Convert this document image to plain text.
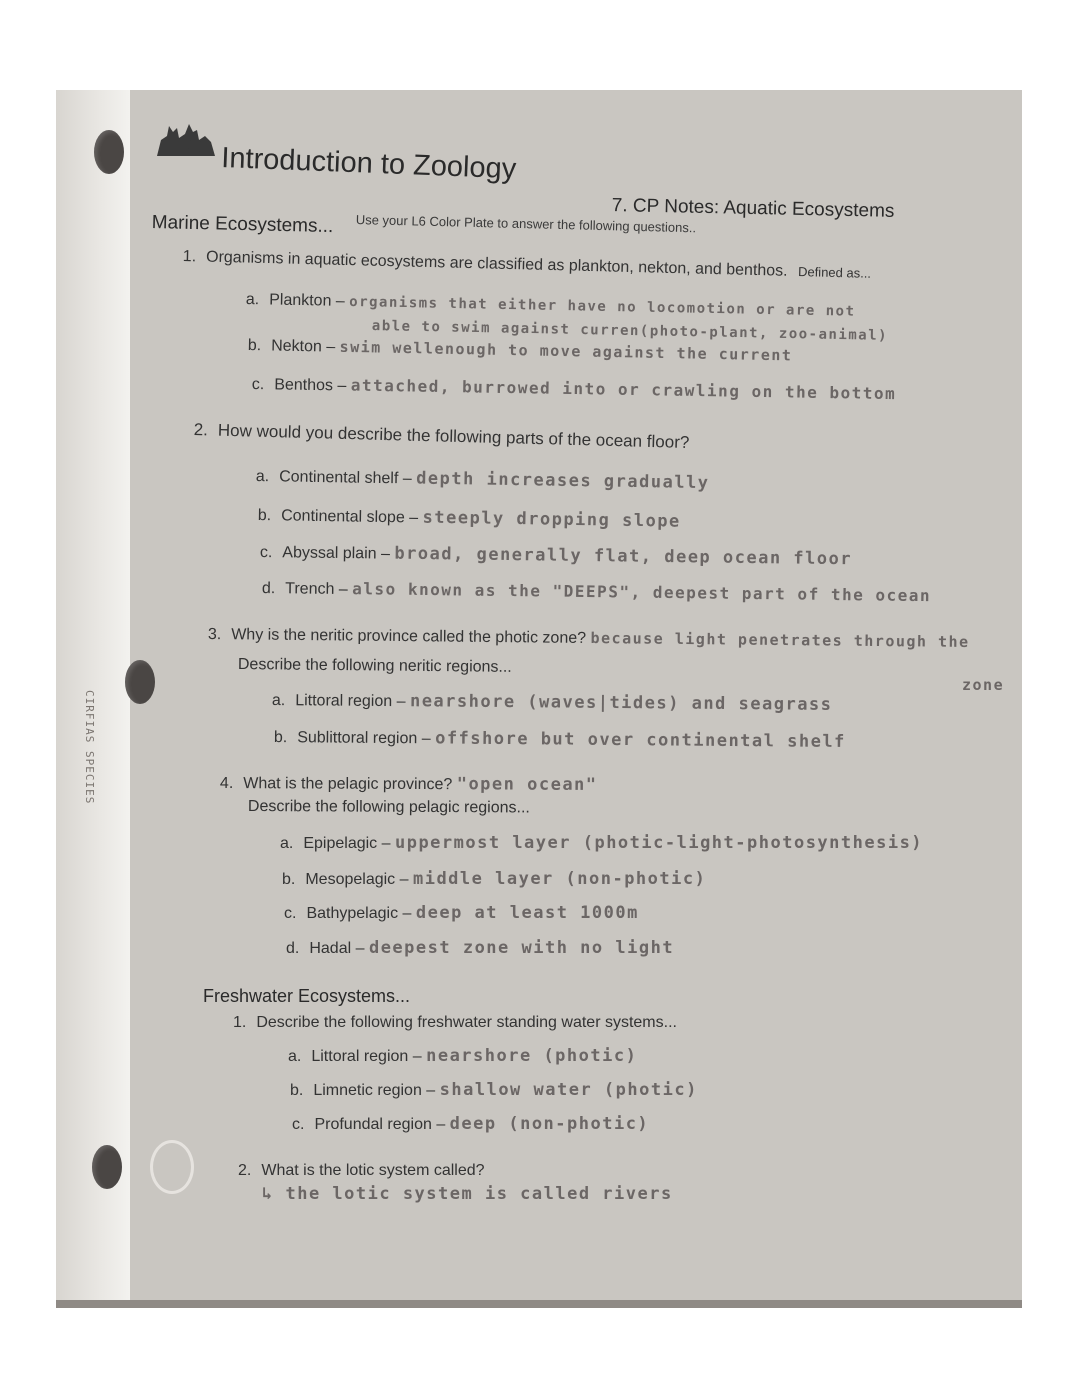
CIRFIAS SPECIES
Introduction to Zoology
7. CP Notes: Aquatic Ecosystems
Use your L6 Color Plate to answer the following questions..
Marine Ecosystems...
1. Organisms in aquatic ecosystems are classified as plankton, nekton, and benthos. Defined as...
a. Plankton – organisms that either have no locomotion or are not
able to swim against curren(photo-plant, zoo-animal)
b. Nekton – swim wellenough to move against the current
c. Benthos – attached, burrowed into or crawling on the bottom
2. How would you describe the following parts of the ocean floor?
a. Continental shelf – depth increases gradually
b. Continental slope – steeply dropping slope
c. Abyssal plain – broad, generally flat, deep ocean floor
d. Trench – also known as the "DEEPS", deepest part of the ocean
3. Why is the neritic province called the photic zone? because light penetrates through the
zone
Describe the following neritic regions...
a. Littoral region – nearshore (waves|tides) and seagrass
b. Sublittoral region – offshore but over continental shelf
4. What is the pelagic province? "open ocean"
Describe the following pelagic regions...
a. Epipelagic – uppermost layer (photic-light-photosynthesis)
b. Mesopelagic – middle layer (non-photic)
c. Bathypelagic – deep at least 1000m
d. Hadal – deepest zone with no light
Freshwater Ecosystems...
1. Describe the following freshwater standing water systems...
a. Littoral region – nearshore (photic)
b. Limnetic region – shallow water (photic)
c. Profundal region – deep (non-photic)
2. What is the lotic system called?
↳ the lotic system is called rivers
